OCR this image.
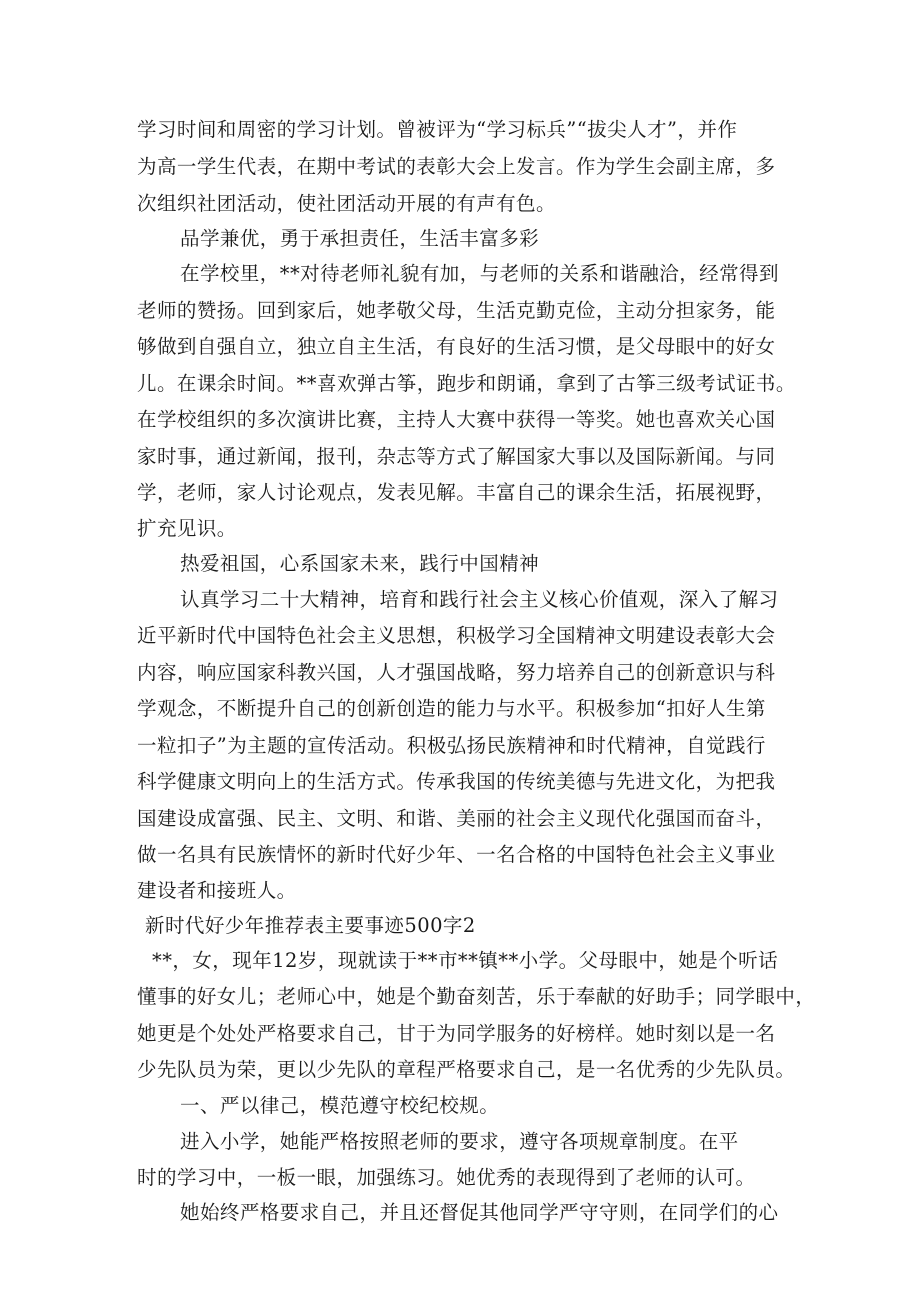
学习时间和周密的学习计划。曾被评为“学习标兵”“拔尖人才”，并作
为高一学生代表，在期中考试的表彰大会上发言。作为学生会副主席，多
次组织社团活动，使社团活动开展的有声有色。
品学兼优，勇于承担责任，生活丰富多彩
在学校里，**对待老师礼貌有加，与老师的关系和谐融洽，经常得到
老师的赞扬。回到家后，她孝敬父母，生活克勤克俭，主动分担家务，能
够做到自强自立，独立自主生活，有良好的生活习惯，是父母眼中的好女
儿。在课余时间。**喜欢弹古筝，跑步和朗诵，拿到了古筝三级考试证书。
在学校组织的多次演讲比赛，主持人大赛中获得一等奖。她也喜欢关心国
家时事，通过新闻，报刊，杂志等方式了解国家大事以及国际新闻。与同
学，老师，家人讨论观点，发表见解。丰富自己的课余生活，拓展视野，
扩充见识。
热爱祖国，心系国家未来，践行中国精神
认真学习二十大精神，培育和践行社会主义核心价值观，深入了解习
近平新时代中国特色社会主义思想，积极学习全国精神文明建设表彰大会
内容，响应国家科教兴国，人才强国战略，努力培养自己的创新意识与科
学观念，不断提升自己的创新创造的能力与水平。积极参加“扣好人生第
一粒扣子”为主题的宣传活动。积极弘扬民族精神和时代精神，自觉践行
科学健康文明向上的生活方式。传承我国的传统美德与先进文化，为把我
国建设成富强、民主、文明、和谐、美丽的社会主义现代化强国而奋斗，
做一名具有民族情怀的新时代好少年、一名合格的中国特色社会主义事业
建设者和接班人。
新时代好少年推荐表主要事迹500字2
**，女，现年12岁，现就读于**市**镇**小学。父母眼中，她是个听话
懂事的好女儿；老师心中，她是个勤奋刻苦，乐于奉献的好助手；同学眼中，
她更是个处处严格要求自己，甘于为同学服务的好榜样。她时刻以是一名
少先队员为荣，更以少先队的章程严格要求自己，是一名优秀的少先队员。
一、严以律己，模范遵守校纪校规。
进入小学，她能严格按照老师的要求，遵守各项规章制度。在平
时的学习中，一板一眼，加强练习。她优秀的表现得到了老师的认可。
她始终严格要求自己，并且还督促其他同学严守守则，在同学们的心
